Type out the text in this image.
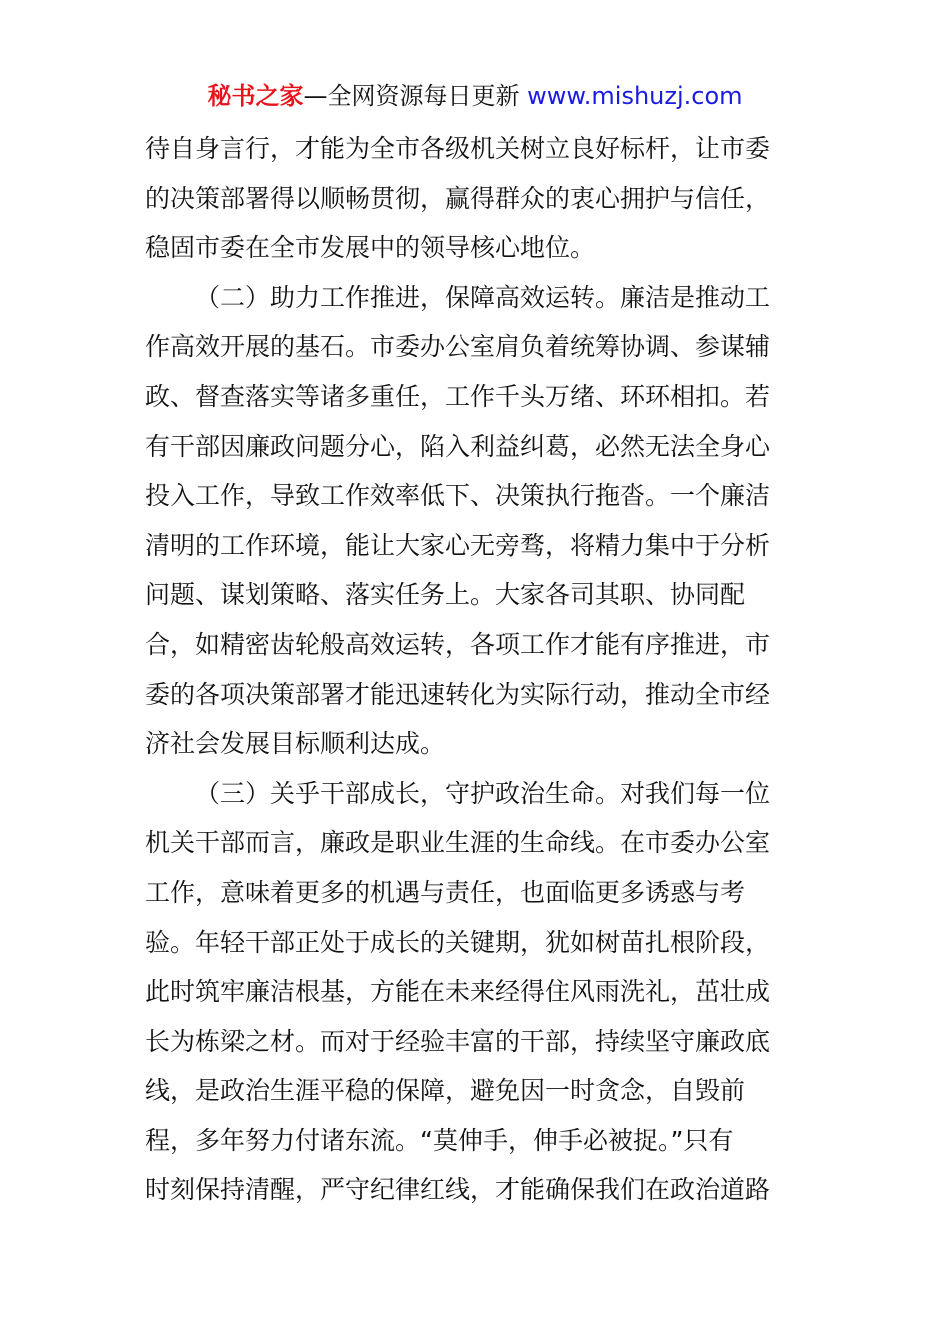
秘书之家—全网资源每日更新 www.mishuzj.com
待自身言行，才能为全市各级机关树立良好标杆，让市委
的决策部署得以顺畅贯彻，赢得群众的衷心拥护与信任，
稳固市委在全市发展中的领导核心地位。
（二）助力工作推进，保障高效运转。廉洁是推动工
作高效开展的基石。市委办公室肩负着统筹协调、参谋辅
政、督查落实等诸多重任，工作千头万绪、环环相扣。若
有干部因廉政问题分心，陷入利益纠葛，必然无法全身心
投入工作，导致工作效率低下、决策执行拖沓。一个廉洁
清明的工作环境，能让大家心无旁骛，将精力集中于分析
问题、谋划策略、落实任务上。大家各司其职、协同配
合，如精密齿轮般高效运转，各项工作才能有序推进，市
委的各项决策部署才能迅速转化为实际行动，推动全市经
济社会发展目标顺利达成。
（三）关乎干部成长，守护政治生命。对我们每一位
机关干部而言，廉政是职业生涯的生命线。在市委办公室
工作，意味着更多的机遇与责任，也面临更多诱惑与考
验。年轻干部正处于成长的关键期，犹如树苗扎根阶段，
此时筑牢廉洁根基，方能在未来经得住风雨洗礼，茁壮成
长为栋梁之材。而对于经验丰富的干部，持续坚守廉政底
线，是政治生涯平稳的保障，避免因一时贪念，自毁前
程，多年努力付诸东流。“莫伸手，伸手必被捉。”只有
时刻保持清醒，严守纪律红线，才能确保我们在政治道路
